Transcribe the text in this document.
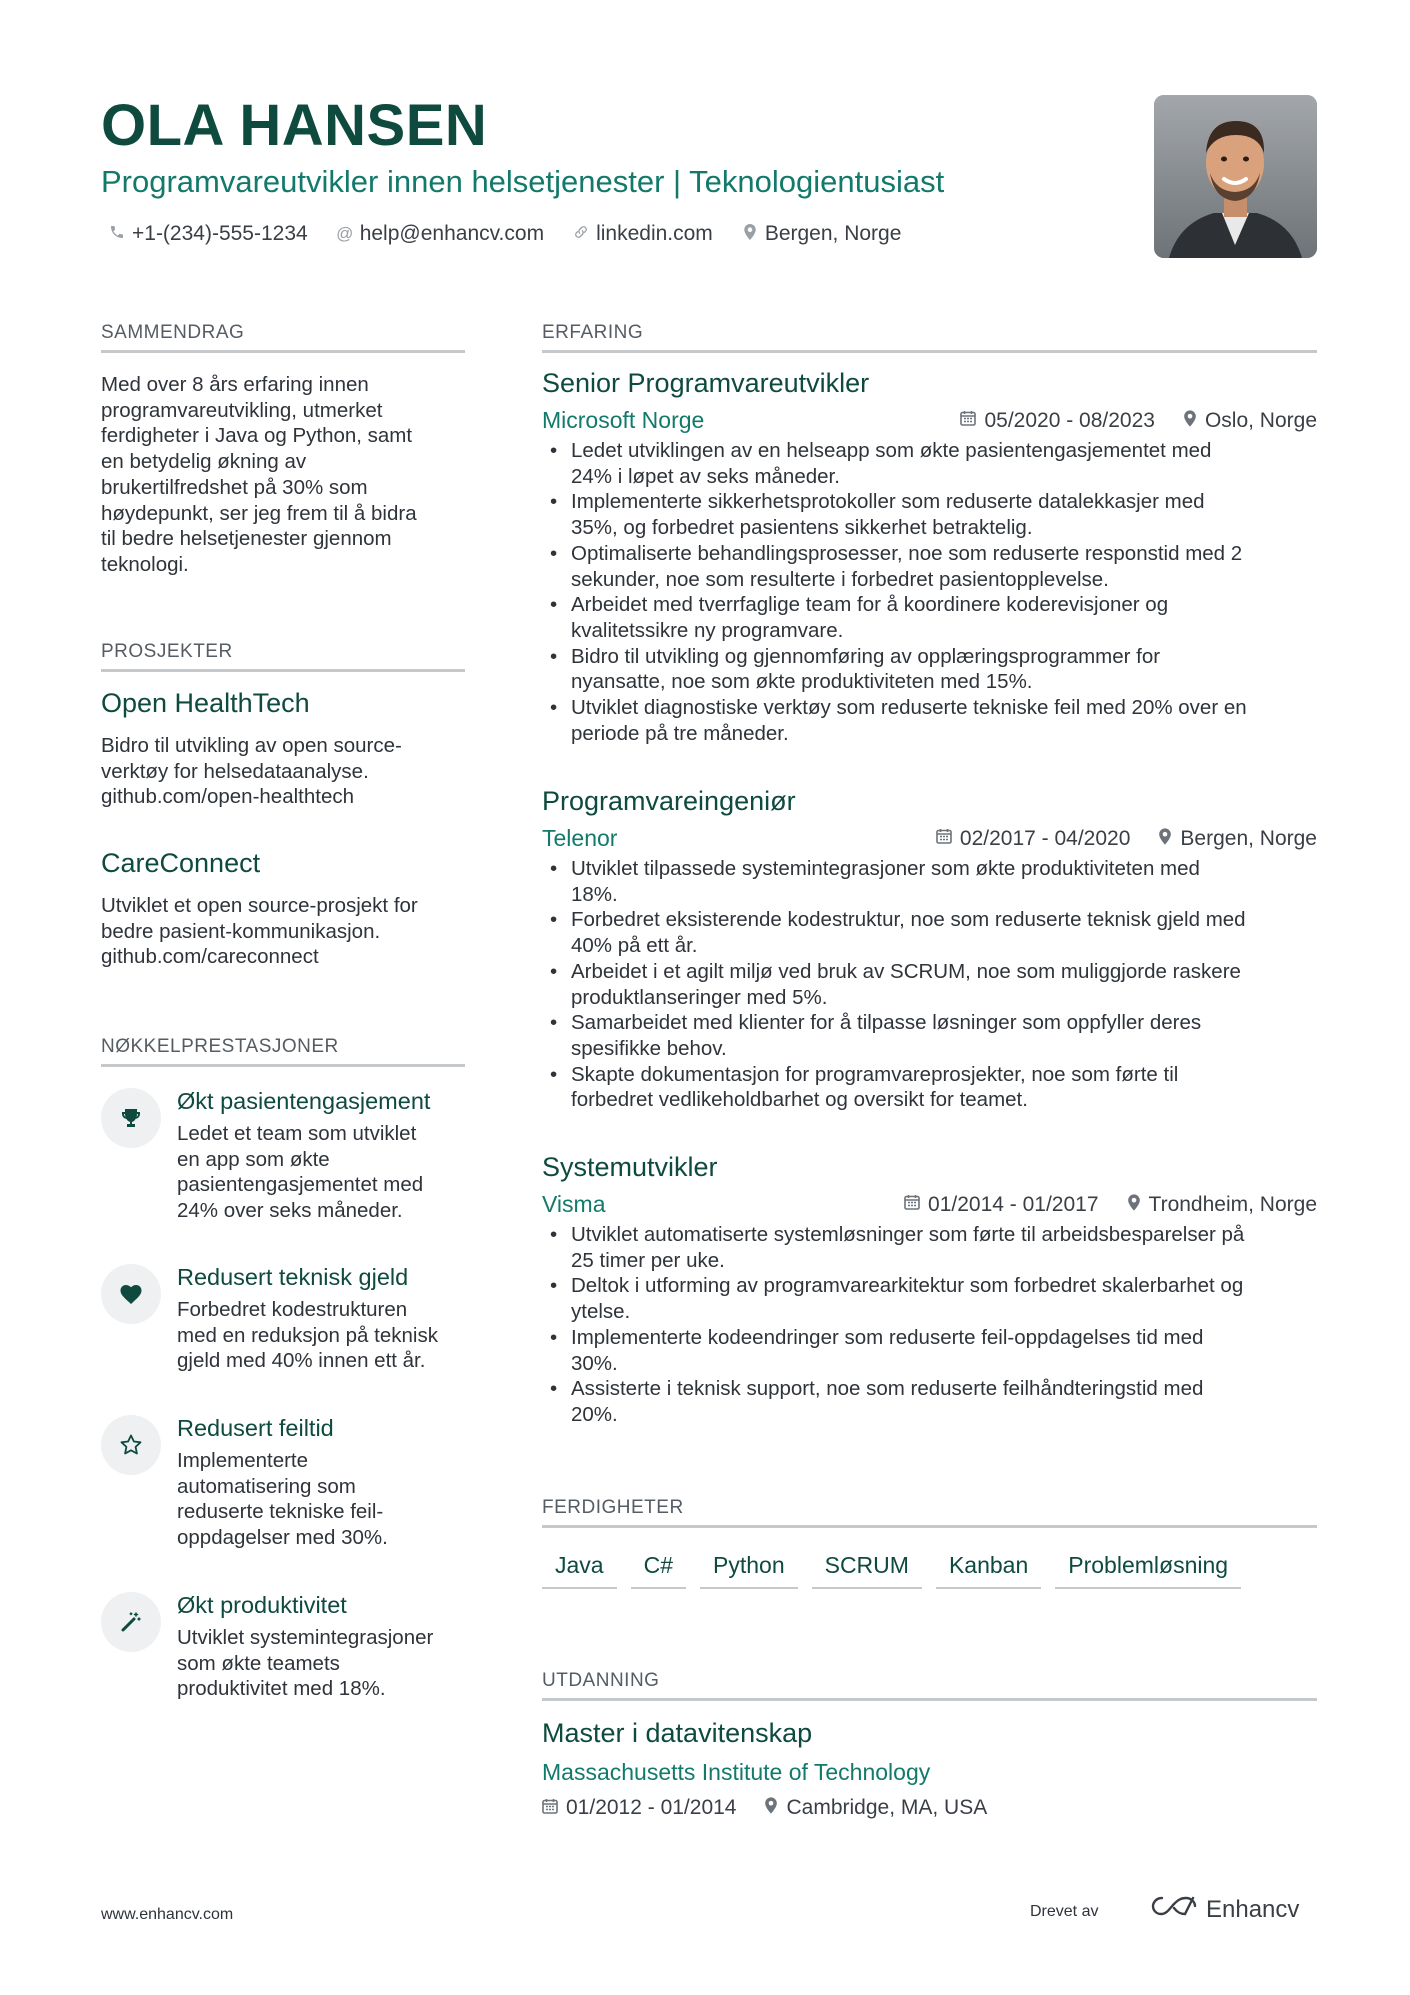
OLA HANSEN
Programvareutvikler innen helsetjenester | Teknologientusiast
+1-(234)-555-1234 @ help@enhancv.com linkedin.com Bergen, Norge
SAMMENDRAG
Med over 8 års erfaring innen
programvareutvikling, utmerket
ferdigheter i Java og Python, samt
en betydelig økning av
brukertilfredshet på 30% som
høydepunkt, ser jeg frem til å bidra
til bedre helsetjenester gjennom
teknologi.
PROSJEKTER
Open HealthTech
Bidro til utvikling av open source-
verktøy for helsedataanalyse.
github.com/open-healthtech
CareConnect
Utviklet et open source-prosjekt for
bedre pasient-kommunikasjon.
github.com/careconnect
NØKKELPRESTASJONER
Økt pasientengasjement
Ledet et team som utviklet
en app som økte
pasientengasjementet med
24% over seks måneder.
Redusert teknisk gjeld
Forbedret kodestrukturen
med en reduksjon på teknisk
gjeld med 40% innen ett år.
Redusert feiltid
Implementerte
automatisering som
reduserte tekniske feil-
oppdagelser med 30%.
Økt produktivitet
Utviklet systemintegrasjoner
som økte teamets
produktivitet med 18%.
ERFARING
Senior Programvareutvikler
Microsoft Norge	05/2020 - 08/2023 Oslo, Norge
• Ledet utviklingen av en helseapp som økte pasientengasjementet med
24% i løpet av seks måneder.
• Implementerte sikkerhetsprotokoller som reduserte datalekkasjer med
35%, og forbedret pasientens sikkerhet betraktelig.
• Optimaliserte behandlingsprosesser, noe som reduserte responstid med 2
sekunder, noe som resulterte i forbedret pasientopplevelse.
• Arbeidet med tverrfaglige team for å koordinere koderevisjoner og
kvalitetssikre ny programvare.
• Bidro til utvikling og gjennomføring av opplæringsprogrammer for
nyansatte, noe som økte produktiviteten med 15%.
• Utviklet diagnostiske verktøy som reduserte tekniske feil med 20% over en
periode på tre måneder.
Programvareingeniør
Telenor	02/2017 - 04/2020 Bergen, Norge
• Utviklet tilpassede systemintegrasjoner som økte produktiviteten med
18%.
• Forbedret eksisterende kodestruktur, noe som reduserte teknisk gjeld med
40% på ett år.
• Arbeidet i et agilt miljø ved bruk av SCRUM, noe som muliggjorde raskere
produktlanseringer med 5%.
• Samarbeidet med klienter for å tilpasse løsninger som oppfyller deres
spesifikke behov.
• Skapte dokumentasjon for programvareprosjekter, noe som førte til
forbedret vedlikeholdbarhet og oversikt for teamet.
Systemutvikler
Visma	01/2014 - 01/2017 Trondheim, Norge
• Utviklet automatiserte systemløsninger som førte til arbeidsbesparelser på
25 timer per uke.
• Deltok i utforming av programvarearkitektur som forbedret skalerbarhet og
ytelse.
• Implementerte kodeendringer som reduserte feil-oppdagelses tid med
30%.
• Assisterte i teknisk support, noe som reduserte feilhåndteringstid med
20%.
FERDIGHETER
Java	C#	Python	SCRUM	Kanban	Problemløsning
UTDANNING
Master i datavitenskap
Massachusetts Institute of Technology
01/2012 - 01/2014 Cambridge, MA, USA
www.enhancv.com	Drevet av	Enhancv
